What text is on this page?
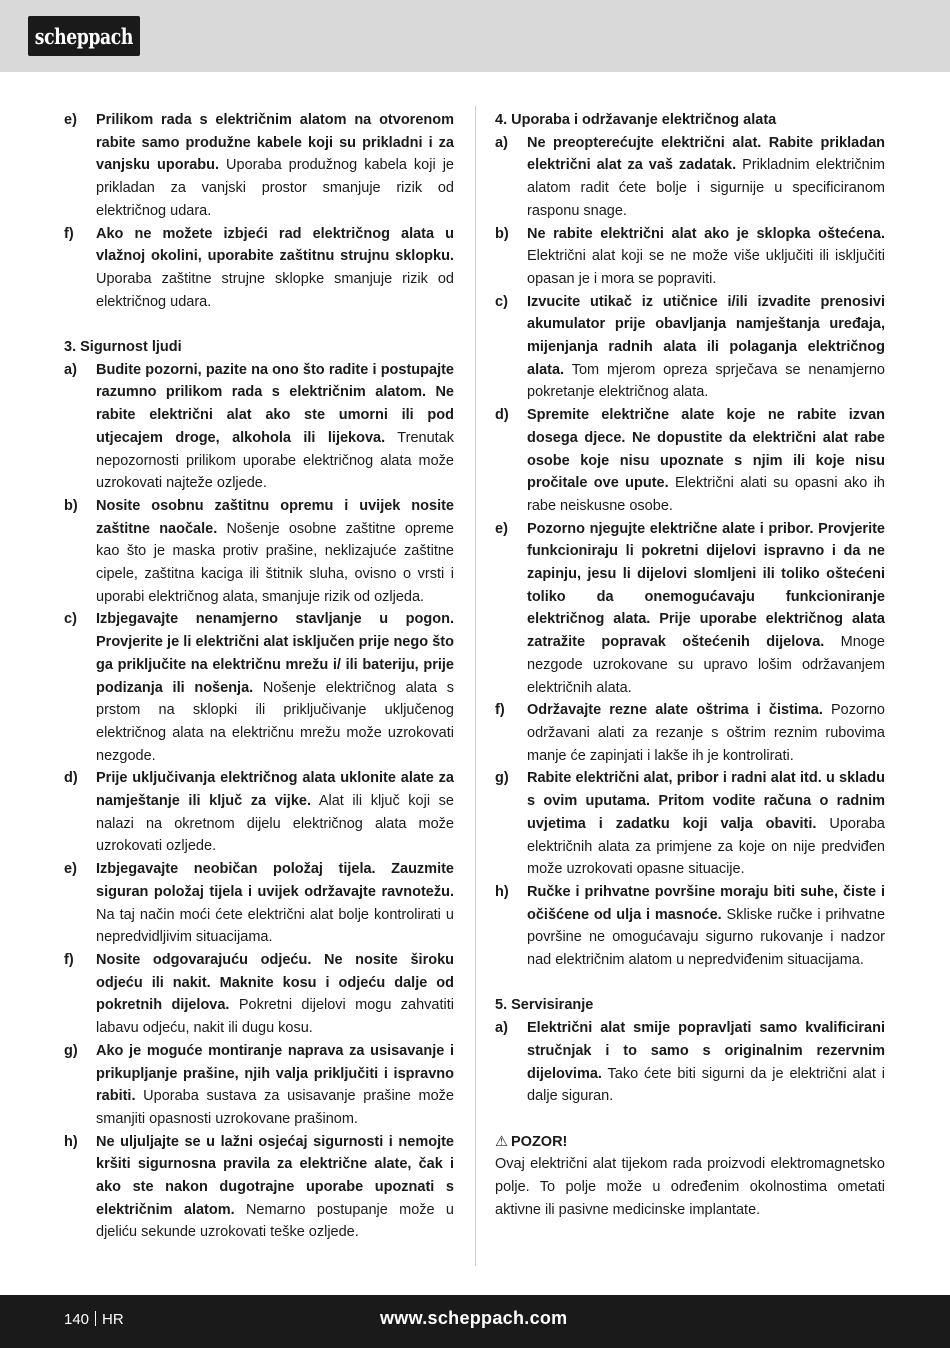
scheppach
e)	Prilikom rada s električnim alatom na otvorenom rabite samo produžne kabele koji su prikladni i za vanjsku uporabu. Uporaba produžnog kabela koji je prikladan za vanjski prostor smanjuje rizik od električnog udara.
f)	Ako ne možete izbjeći rad električnog alata u vlažnoj okolini, uporabite zaštitnu strujnu sklopku. Uporaba zaštitne strujne sklopke smanjuje rizik od električnog udara.
3. Sigurnost ljudi
a)	Budite pozorni, pazite na ono što radite i postupajte razumno prilikom rada s električnim alatom. Ne rabite električni alat ako ste umorni ili pod utjecajem droge, alkohola ili lijekova. Trenutak nepozornosti prilikom uporabe električnog alata može uzrokovati najteže ozljede.
b)	Nosite osobnu zaštitnu opremu i uvijek nosite zaštitne naočale. Nošenje osobne zaštitne opreme kao što je maska protiv prašine, neklizajuće zaštitne cipele, zaštitna kaciga ili štitnik sluha, ovisno o vrsti i uporabi električnog alata, smanjuje rizik od ozljeda.
c)	Izbjegavajte nenamjerno stavljanje u pogon. Provjerite je li električni alat isključen prije nego što ga priključite na električnu mrežu i/ ili bateriju, prije podizanja ili nošenja. Nošenje električnog alata s prstom na sklopki ili priključivanje uključenog električnog alata na električnu mrežu može uzrokovati nezgode.
d)	Prije uključivanja električnog alata uklonite alate za namještanje ili ključ za vijke. Alat ili ključ koji se nalazi na okretnom dijelu električnog alata može uzrokovati ozljede.
e)	Izbjegavajte neobičan položaj tijela. Zauzmite siguran položaj tijela i uvijek održavajte ravnotežu. Na taj način moći ćete električni alat bolje kontrolirati u nepredvidljivim situacijama.
f)	Nosite odgovarajuću odjeću. Ne nosite široku odjeću ili nakit. Maknite kosu i odjeću dalje od pokretnih dijelova. Pokretni dijelovi mogu zahvatiti labavu odjeću, nakit ili dugu kosu.
g)	Ako je moguće montiranje naprava za usisavanje i prikupljanje prašine, njih valja priključiti i ispravno rabiti. Uporaba sustava za usisavanje prašine može smanjiti opasnosti uzrokovane prašinom.
h)	Ne uljuljajte se u lažni osjećaj sigurnosti i nemojte kršiti sigurnosna pravila za električne alate, čak i ako ste nakon dugotrajne uporabe upoznati s električnim alatom. Nemarno postupanje može u djeliću sekunde uzrokovati teške ozljede.
4. Uporaba i održavanje električnog alata
a)	Ne preopterećujte električni alat. Rabite prikladan električni alat za vaš zadatak. Prikladnim električnim alatom radit ćete bolje i sigurnije u specificiranom rasponu snage.
b)	Ne rabite električni alat ako je sklopka oštećena. Električni alat koji se ne može više uključiti ili isključiti opasan je i mora se popraviti.
c)	Izvucite utikač iz utičnice i/ili izvadite prenosivi akumulator prije obavljanja namještanja uređaja, mijenjanja radnih alata ili polaganja električnog alata. Tom mjerom opreza sprječava se nenamjerno pokretanje električnog alata.
d)	Spremite električne alate koje ne rabite izvan dosega djece. Ne dopustite da električni alat rabe osobe koje nisu upoznate s njim ili koje nisu pročitale ove upute. Električni alati su opasni ako ih rabe neiskusne osobe.
e)	Pozorno njegujte električne alate i pribor. Provjerite funkcioniraju li pokretni dijelovi ispravno i da ne zapinju, jesu li dijelovi slomljeni ili toliko oštećeni toliko da onemogućavaju funkcioniranje električnog alata. Prije uporabe električnog alata zatražite popravak oštećenih dijelova. Mnoge nezgode uzrokovane su upravo lošim održavanjem električnih alata.
f)	Održavajte rezne alate oštrima i čistima. Pozorno održavani alati za rezanje s oštrim reznim rubovima manje će zapinjati i lakše ih je kontrolirati.
g)	Rabite električni alat, pribor i radni alat itd. u skladu s ovim uputama. Pritom vodite računa o radnim uvjetima i zadatku koji valja obaviti. Uporaba električnih alata za primjene za koje on nije predviđen može uzrokovati opasne situacije.
h)	Ručke i prihvatne površine moraju biti suhe, čiste i očišćene od ulja i masnoće. Skliske ručke i prihvatne površine ne omogućavaju sigurno rukovanje i nadzor nad električnim alatom u nepredviđenim situacijama.
5. Servisiranje
a)	Električni alat smije popravljati samo kvalificirani stručnjak i to samo s originalnim rezervnim dijelovima. Tako ćete biti sigurni da je električni alat i dalje siguran.
⚠ POZOR!
Ovaj električni alat tijekom rada proizvodi elektromagnetsko polje. To polje može u određenim okolnostima ometati aktivne ili pasivne medicinske implantate.
140 HR	www.scheppach.com
